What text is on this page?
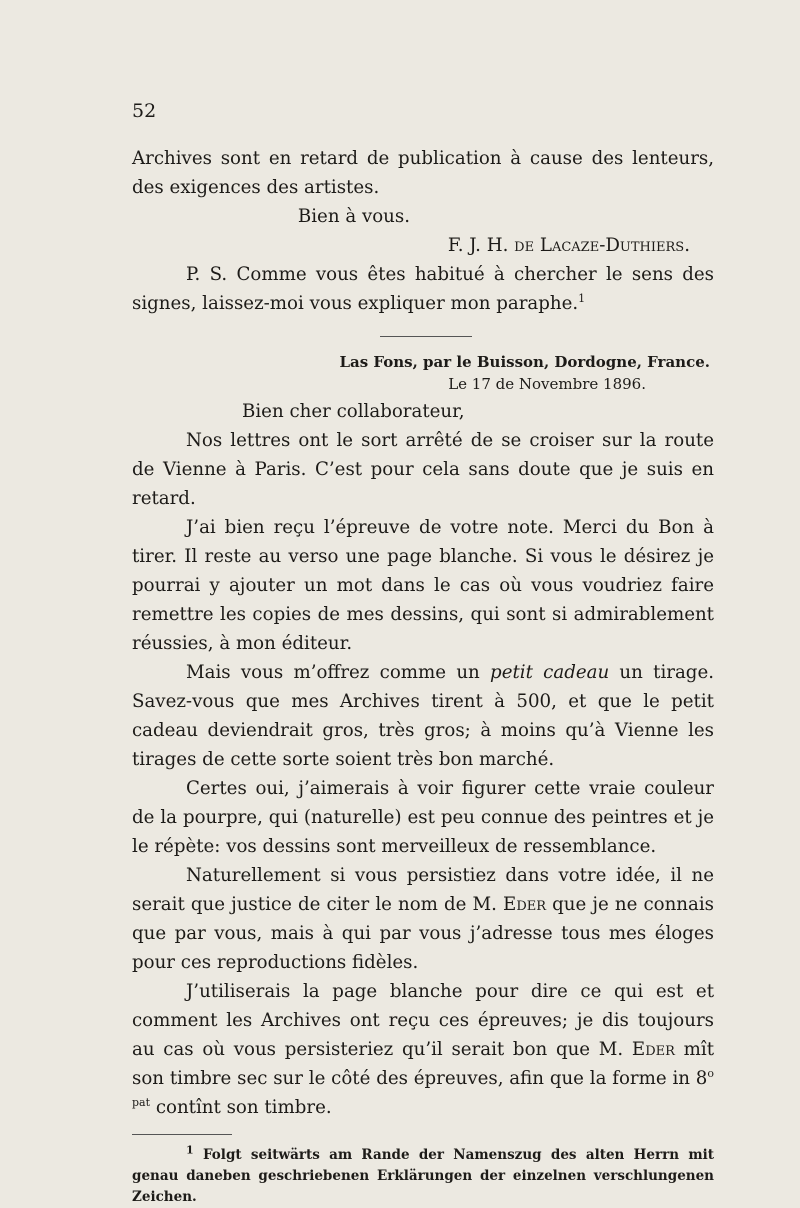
52

Archives sont en retard de publication à cause des lenteurs, des exigences des artistes.

Bien à vous.

F. J. H. de Lacaze-Duthiers.

P. S. Comme vous êtes habitué à chercher le sens des signes, laissez-moi vous expliquer mon paraphe.$^1$

Las Fons, par le Buisson, Dordogne, France.
Le 17 de Novembre 1896.

Bien cher collaborateur,

Nos lettres ont le sort arrêté de se croiser sur la route de Vienne à Paris. C’est pour cela sans doute que je suis en retard.

J’ai bien reçu l’épreuve de votre note. Merci du Bon à tirer. Il reste au verso une page blanche. Si vous le désirez je pourrai y ajouter un mot dans le cas où vous voudriez faire remettre les copies de mes dessins, qui sont si admirablement réussies, à mon éditeur.

Mais vous m’offrez comme un petit cadeau un tirage. Savez-vous que mes Archives tirent à 500, et que le petit cadeau deviendrait gros, très gros; à moins qu’à Vienne les tirages de cette sorte soient très bon marché.

Certes oui, j’aimerais à voir figurer cette vraie couleur de la pourpre, qui (naturelle) est peu connue des peintres et je le répète: vos dessins sont merveilleux de ressemblance.

Naturellement si vous persistiez dans votre idée, il ne serait que justice de citer le nom de M. Eder que je ne connais que par vous, mais à qui par vous j’adresse tous mes éloges pour ces reproductions fidèles.

J’utiliserais la page blanche pour dire ce qui est et comment les Archives ont reçu ces épreuves; je dis toujours au cas où vous persisteriez qu’il serait bon que M. Eder mît son timbre sec sur le côté des épreuves, afin que la forme in 8$^o$ $^{pat}$ contînt son timbre.

$^1$ Folgt seitwärts am Rande der Namenszug des alten Herrn mit genau daneben geschriebenen Erklärungen der einzelnen verschlungenen Zeichen.
